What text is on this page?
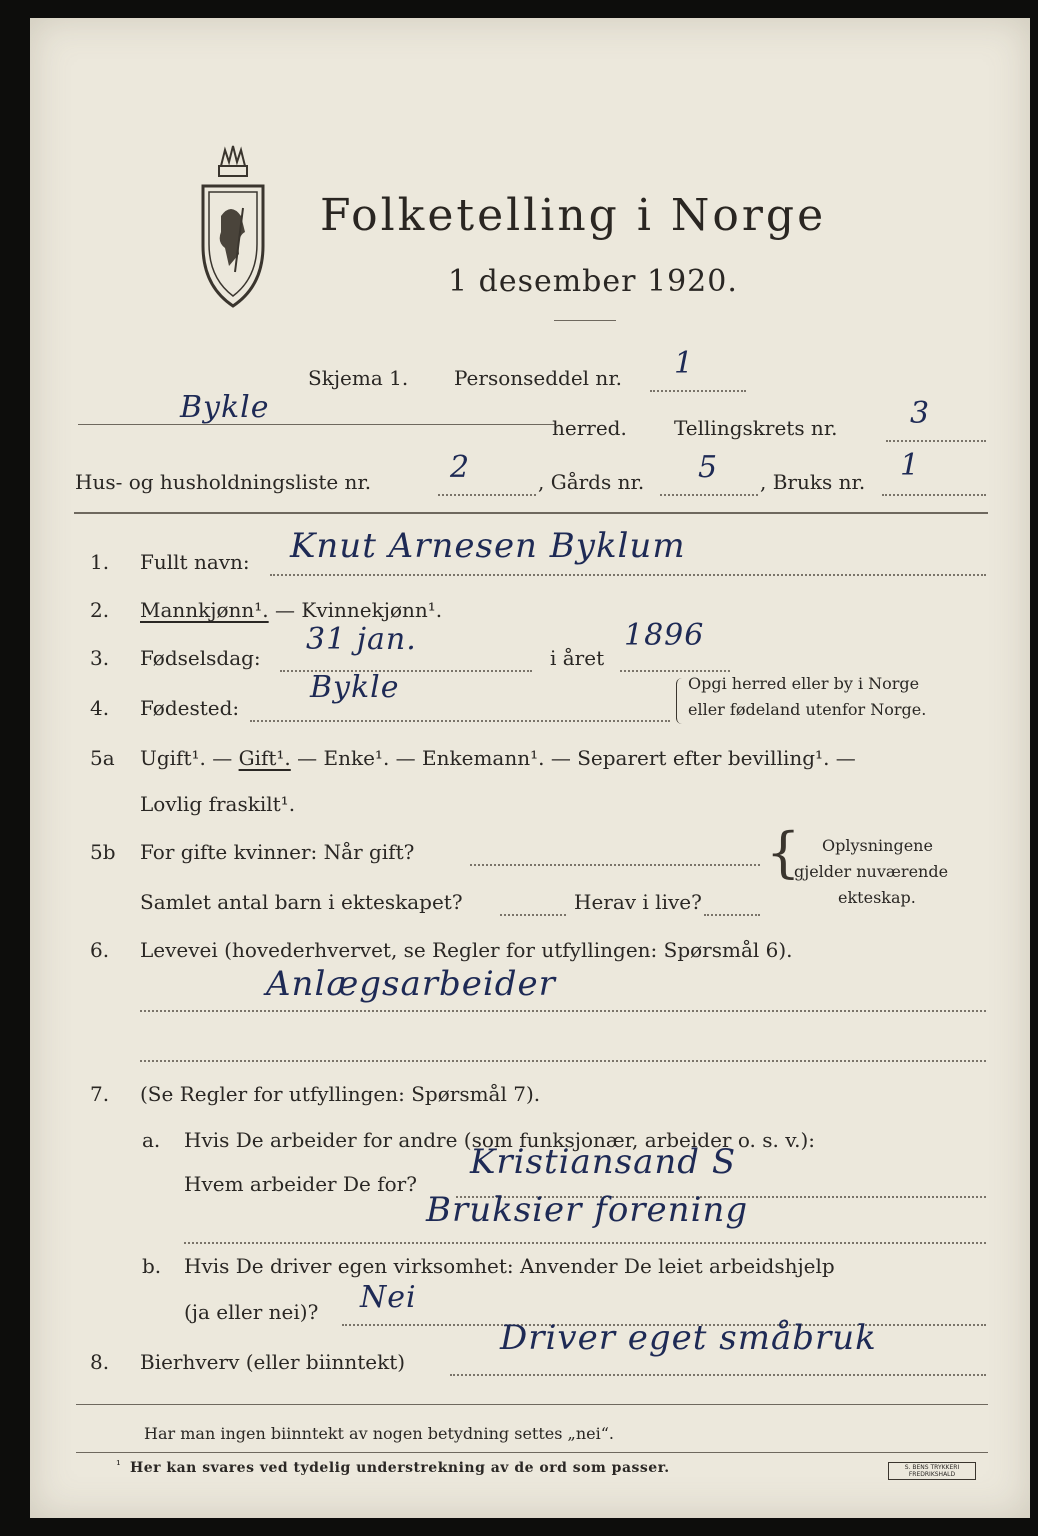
Folketelling i Norge
1 desember 1920.
Skjema 1. Personseddel nr. 1
Bykle
herred. Tellingskrets nr. 3
Hus- og husholdningsliste nr.	2	, Gårds nr. 5 , Bruks nr. 1
1. Fullt navn: Knut Arnesen Byklum
2. Mannkjønn¹. — Kvinnekjønn¹.
3. Fødselsdag:
31 jan.
i året
1896
4. Fødested:
Bykle	Opgi herred eller by i Norge
eller fødeland utenfor Norge.
5a Ugift¹. — Gift¹. — Enke¹. — Enkemann¹. — Separert efter bevilling¹. —
Lovlig fraskilt¹.
5b For gifte kvinner: Når gift?
Samlet antal barn i ekteskapet?	Herav i live?
{ Oplysningene
gjelder nuværende
ekteskap.
6. Levevei (hovederhvervet, se Regler for utfyllingen: Spørsmål 6).
Anlægsarbeider
7. (Se Regler for utfyllingen: Spørsmål 7).
a. Hvis De arbeider for andre (som funksjonær, arbeider o. s. v.):
Hvem arbeider De for?
Kristiansand S
Bruksier forening
b. Hvis De driver egen virksomhet: Anvender De leiet arbeidshjelp
(ja eller nei)? Nei
8. Bierhverv (eller biinntekt)
Driver eget småbruk
Har man ingen biinntekt av nogen betydning settes „nei“.
¹ Her kan svares ved tydelig understrekning av de ord som passer.	S. BENS TRYKKERI FREDRIKSHALD
